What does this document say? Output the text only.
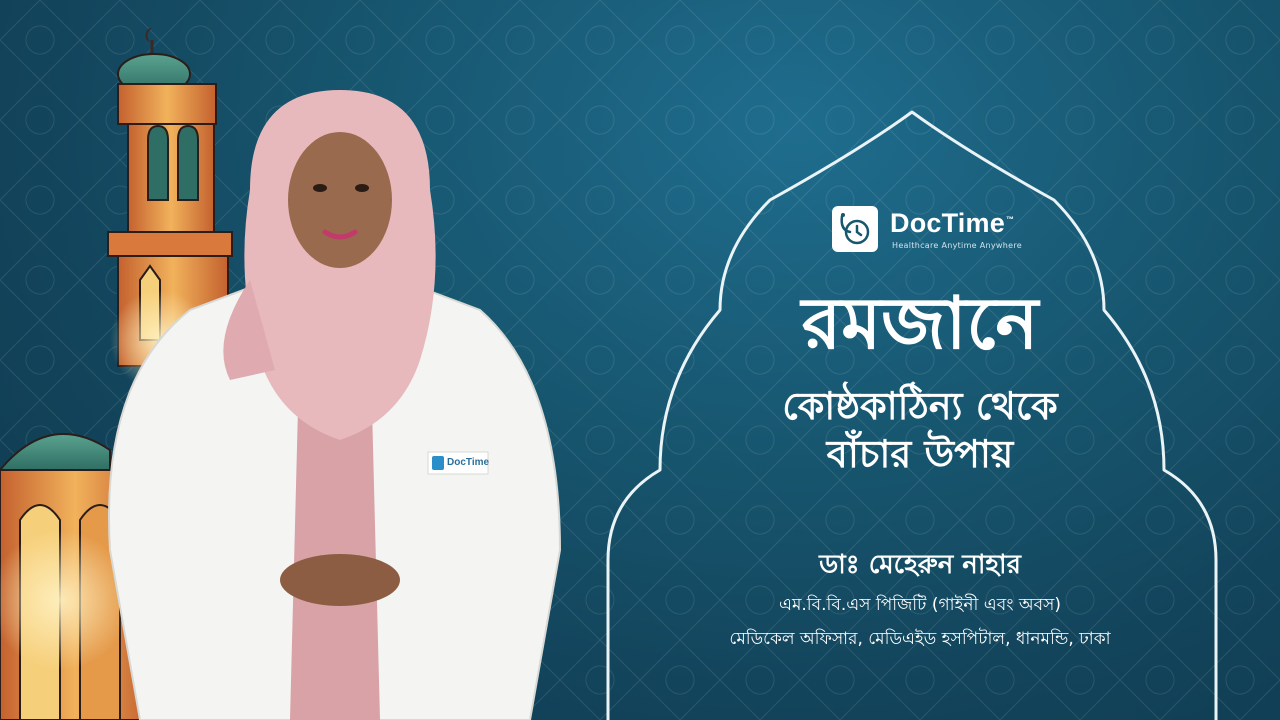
DocTime
DocTime™
Healthcare Anytime Anywhere
রমজানে
কোষ্ঠকাঠিন্য থেকে
বাঁচার উপায়
ডাঃ মেহেরুন নাহার
এম.বি.বি.এস পিজিটি (গাইনী এবং অবস)
মেডিকেল অফিসার, মেডিএইড হসপিটাল, ধানমন্ডি, ঢাকা
